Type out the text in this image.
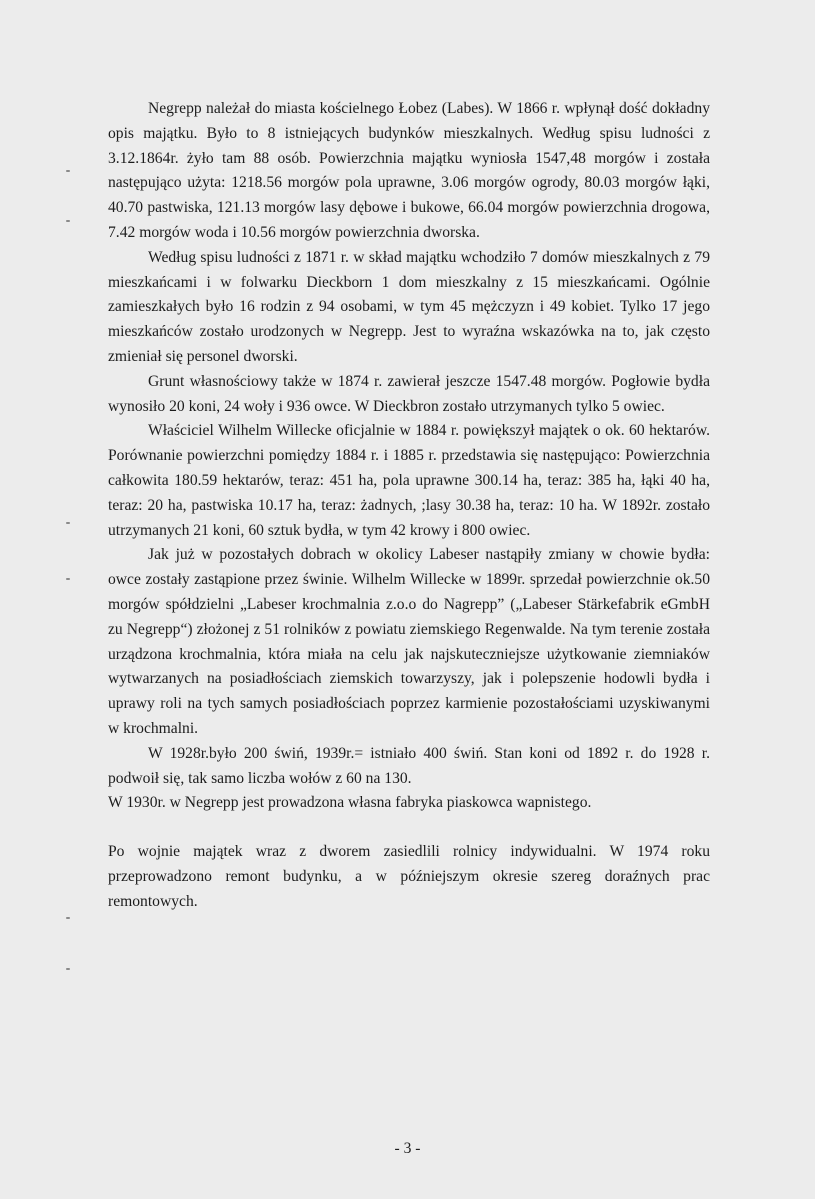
Negrepp należał do miasta kościelnego Łobez (Labes). W 1866 r. wpłynął dość dokładny opis majątku. Było to 8 istniejących budynków mieszkalnych. Według spisu ludności z 3.12.1864r. żyło tam 88 osób. Powierzchnia majątku wyniosła 1547,48 morgów i została następująco użyta: 1218.56 morgów pola uprawne, 3.06 morgów ogrody, 80.03 morgów łąki, 40.70 pastwiska, 121.13 morgów lasy dębowe i bukowe, 66.04 morgów powierzchnia drogowa, 7.42 morgów woda i 10.56 morgów powierzchnia dworska.

Według spisu ludności z 1871 r. w skład majątku wchodziło 7 domów mieszkalnych z 79 mieszkańcami i w folwarku Dieckborn 1 dom mieszkalny z 15 mieszkańcami. Ogólnie zamieszkałych było 16 rodzin z 94 osobami, w tym 45 mężczyzn i 49 kobiet. Tylko 17 jego mieszkańców zostało urodzonych w Negrepp. Jest to wyraźna wskazówka na to, jak często zmieniał się personel dworski.

Grunt własnościowy także w 1874 r. zawierał jeszcze 1547.48 morgów. Pogłowie bydła wynosiło 20 koni, 24 woły i 936 owce. W Dieckbron zostało utrzymanych tylko 5 owiec.

Właściciel Wilhelm Willecke oficjalnie w 1884 r. powiększył majątek o ok. 60 hektarów. Porównanie powierzchni pomiędzy 1884 r. i 1885 r. przedstawia się następująco: Powierzchnia całkowita 180.59 hektarów, teraz: 451 ha, pola uprawne 300.14 ha, teraz: 385 ha, łąki 40 ha, teraz: 20 ha, pastwiska 10.17 ha, teraz: żadnych, ;lasy 30.38 ha, teraz: 10 ha. W 1892r. zostało utrzymanych 21 koni, 60 sztuk bydła, w tym 42 krowy i 800 owiec.

Jak już w pozostałych dobrach w okolicy Labeser nastąpiły zmiany w chowie bydła: owce zostały zastąpione przez świnie. Wilhelm Willecke w 1899r. sprzedał powierzchnie ok.50 morgów spółdzielni „Labeser krochmalnia z.o.o do Nagrepp” („Labeser Stärkefabrik eGmbH zu Negrepp“) złożonej z 51 rolników z powiatu ziemskiego Regenwalde. Na tym terenie została urządzona krochmalnia, która miała na celu jak najskuteczniejsze użytkowanie ziemniaków wytwarzanych na posiadłościach ziemskich towarzyszy, jak i polepszenie hodowli bydła i uprawy roli na tych samych posiadłościach poprzez karmienie pozostałościami uzyskiwanymi w krochmalni.

W 1928r.było 200 świń, 1939r.= istniało 400 świń. Stan koni od 1892 r. do 1928 r. podwoił się, tak samo liczba wołów z 60 na 130.

W 1930r. w Negrepp jest prowadzona własna fabryka piaskowca wapnistego.

Po wojnie majątek wraz z dworem zasiedlili rolnicy indywidualni. W 1974 roku przeprowadzono remont budynku, a w późniejszym okresie szereg doraźnych prac remontowych.

- 3 -
